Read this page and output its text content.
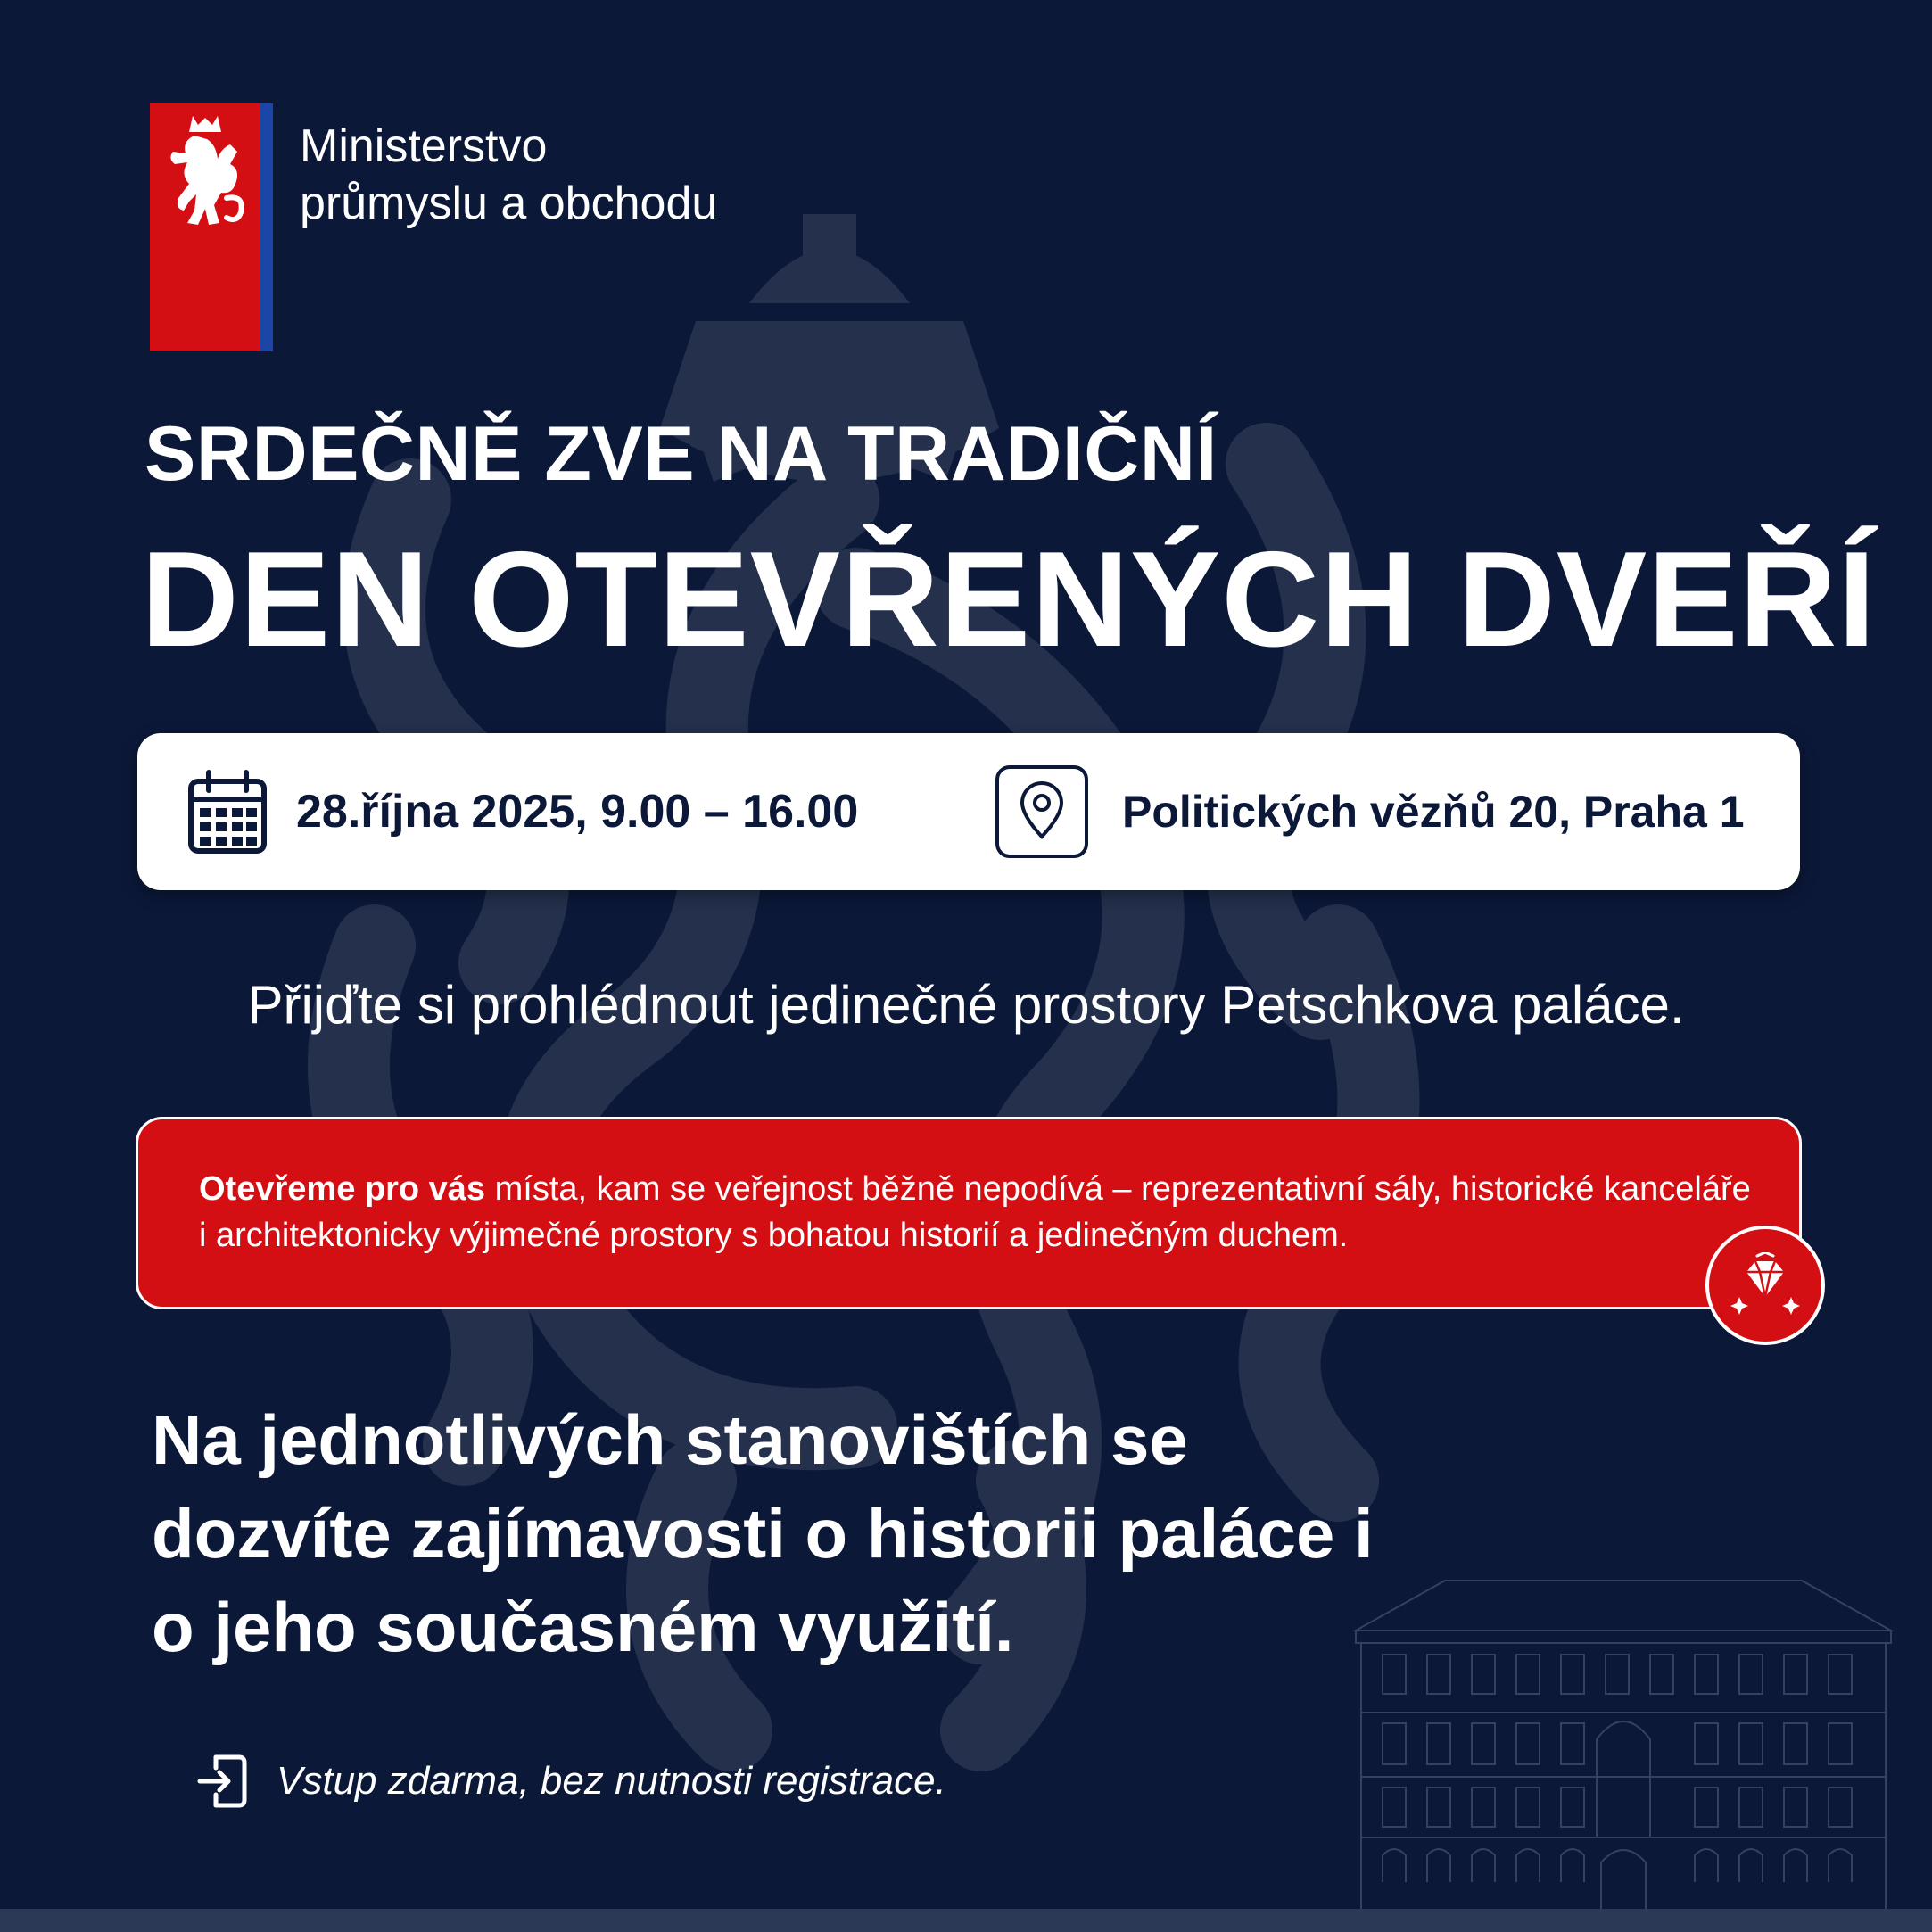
Ministerstvo
průmyslu a obchodu
SRDEČNĚ ZVE NA TRADIČNÍ
DEN OTEVŘENÝCH DVEŘÍ
28.října 2025, 9.00 – 16.00	Politických vězňů 20, Praha 1
Přijďte si prohlédnout jedinečné prostory Petschkova paláce.

Otevřeme pro vás místa, kam se veřejnost běžně nepodívá – reprezentativní sály, historické kanceláře i architektonicky výjimečné prostory s bohatou historií a jedinečným duchem.

Na jednotlivých stanovištích se dozvíte zajímavosti o historii paláce i o jeho současném využití.
Vstup zdarma, bez nutnosti registrace.
